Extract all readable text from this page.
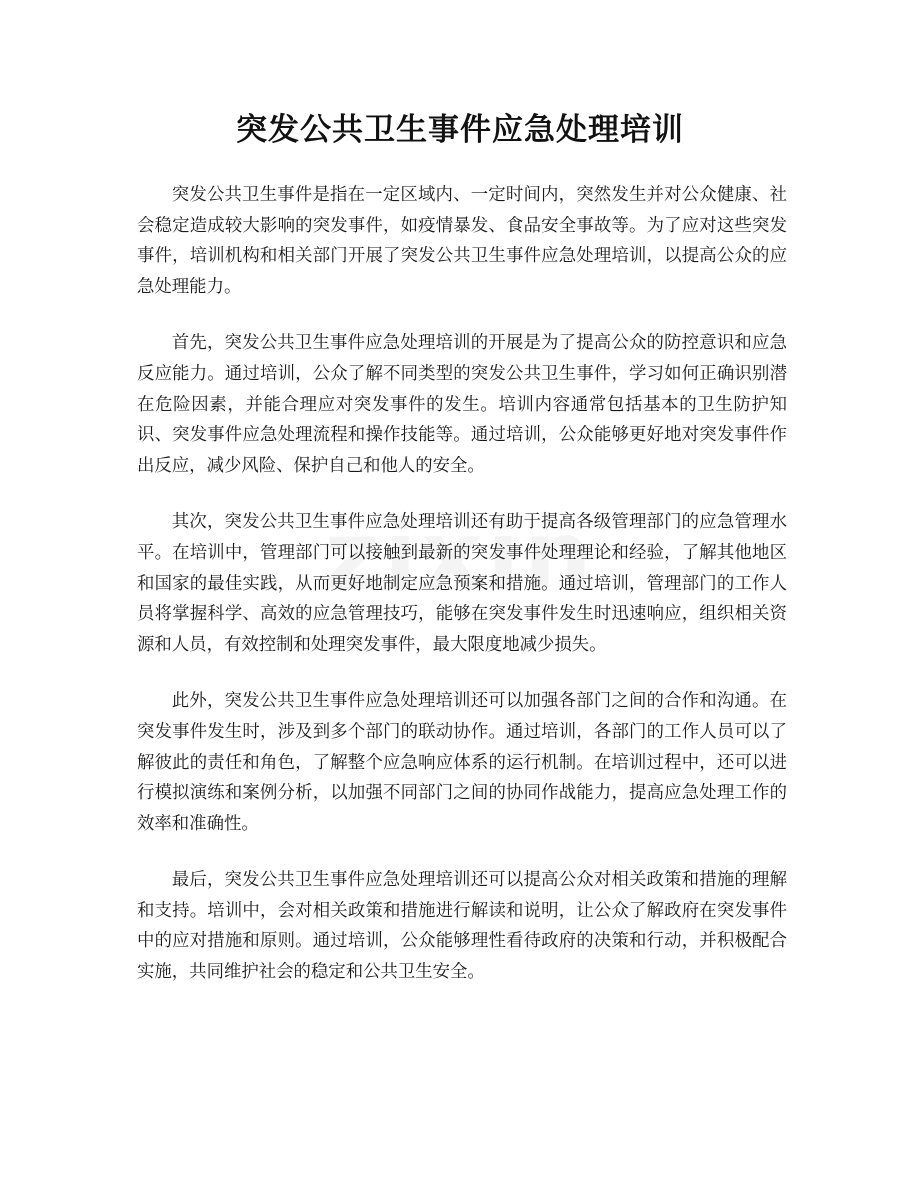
突发公共卫生事件应急处理培训

突发公共卫生事件是指在一定区域内、一定时间内，突然发生并对公众健康、社会稳定造成较大影响的突发事件，如疫情暴发、食品安全事故等。为了应对这些突发事件，培训机构和相关部门开展了突发公共卫生事件应急处理培训，以提高公众的应急处理能力。

首先，突发公共卫生事件应急处理培训的开展是为了提高公众的防控意识和应急反应能力。通过培训，公众了解不同类型的突发公共卫生事件，学习如何正确识别潜在危险因素，并能合理应对突发事件的发生。培训内容通常包括基本的卫生防护知识、突发事件应急处理流程和操作技能等。通过培训，公众能够更好地对突发事件作出反应，减少风险、保护自己和他人的安全。

其次，突发公共卫生事件应急处理培训还有助于提高各级管理部门的应急管理水平。在培训中，管理部门可以接触到最新的突发事件处理理论和经验，了解其他地区和国家的最佳实践，从而更好地制定应急预案和措施。通过培训，管理部门的工作人员将掌握科学、高效的应急管理技巧，能够在突发事件发生时迅速响应，组织相关资源和人员，有效控制和处理突发事件，最大限度地减少损失。

此外，突发公共卫生事件应急处理培训还可以加强各部门之间的合作和沟通。在突发事件发生时，涉及到多个部门的联动协作。通过培训，各部门的工作人员可以了解彼此的责任和角色，了解整个应急响应体系的运行机制。在培训过程中，还可以进行模拟演练和案例分析，以加强不同部门之间的协同作战能力，提高应急处理工作的效率和准确性。

最后，突发公共卫生事件应急处理培训还可以提高公众对相关政策和措施的理解和支持。培训中，会对相关政策和措施进行解读和说明，让公众了解政府在突发事件中的应对措施和原则。通过培训，公众能够理性看待政府的决策和行动，并积极配合实施，共同维护社会的稳定和公共卫生安全。
